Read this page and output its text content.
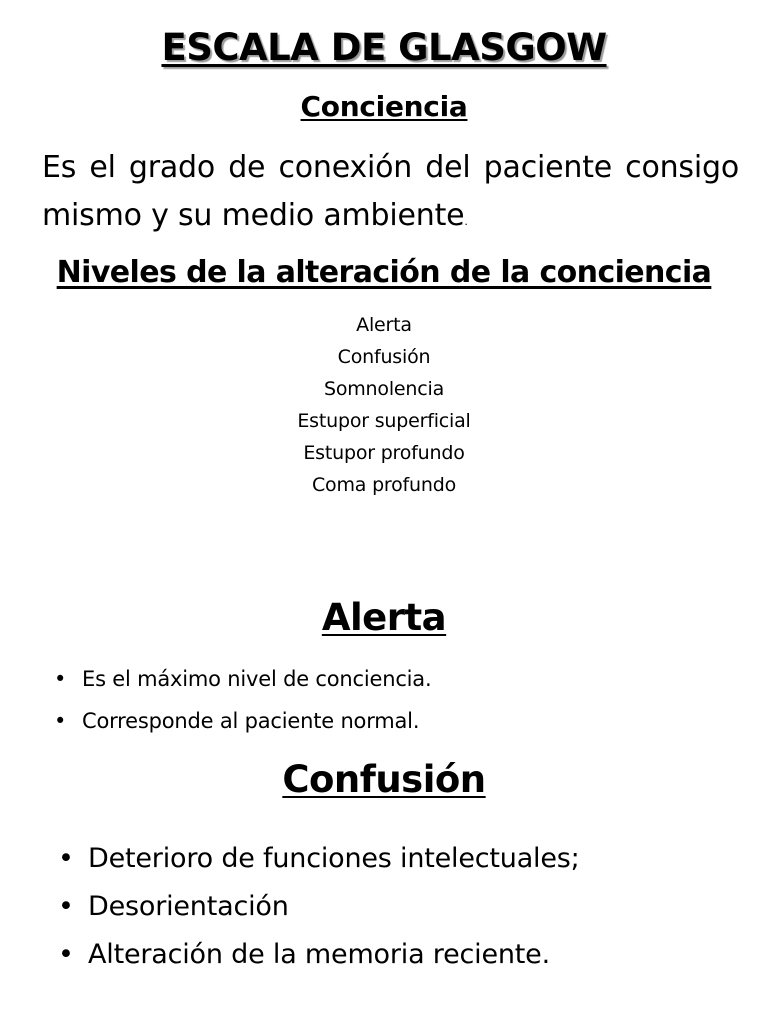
ESCALA DE GLASGOW
Conciencia

Es el grado de conexión del paciente consigo mismo y su medio ambiente.

Niveles de la alteración de la conciencia
Alerta
Confusión
Somnolencia
Estupor superficial
Estupor profundo
Coma profundo
Alerta
• Es el máximo nivel de conciencia.
• Corresponde al paciente normal.
Confusión
• Deterioro de funciones intelectuales;
• Desorientación
• Alteración de la memoria reciente.
